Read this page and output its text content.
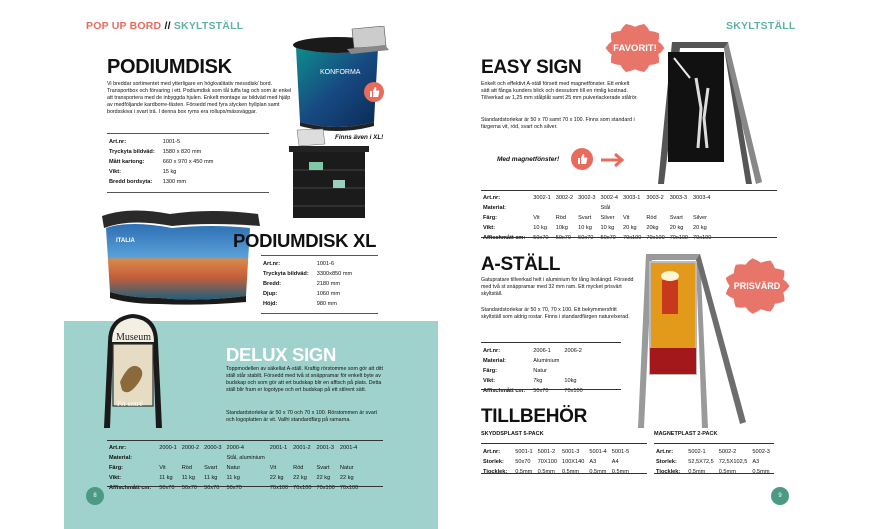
POP UP BORD // SKYLTSTÄLL
PODIUMDISK

Vi breddar sortimentet med ytterligare en högkvalitativ messdisk/ bord. Transportbox och förvaring i ett. Podiumdisk som tål tuffa tag och som är enkel att transportera med de inbyggda hjulen. Enkelt montage av bildväd med hjälp av medföljande kardborre-fästen. Försedd med fyra stycken hyllplan samt bordsskiva i svart trä. I denna box ryms era rollups/mässväggar.

Art.nr:	1001-5
Tryckyta bildväd:	1580 x 820 mm
Mått kartong:	660 x 970 x 450 mm
Vikt:	15 kg
Bredd bordsyta:	1300 mm
KONFORMA
Finns även i XL!
ITALIA	PODIUMDISK XL
Art.nr:	1001-6
Tryckyta bildväd:	3300x850 mm
Bredd:	2180 mm
Djup:	1060 mm
Höjd:	980 mm
Museum
Fri entré
DELUX SIGN

Toppmodellen av säkellat A-ställ. Kraftig rörstomme som gör att ditt ställ står stabilt. Försedd med två st snäppramar för enkelt byte av budskap och som gör att ert budskap blir en affisch på plats. Detta ställ blir fram er logotype och ert budskap på ett stilrent sätt.

Standardstorlekar är 50 x 70 och 70 x 100. Rörstommen är svart och logoplatten är vit. Valfri standardfärg på ramarna.

Art.nr:	2000-1	2000-2	2000-3	2000-4	2001-1	2001-2	2001-3	2001-4
Material:				Stål, aluminium				
Färg:	Vit	Röd	Svart	Natur	Vit	Röd	Svart	Natur
Vikt:	11 kg	11 kg	11 kg	11 kg	22 kg	22 kg	22 kg	22 kg
Affischmått cm:	50x70	50x70	50x70	50x70	70x100	70x100	70x100	70x100
8
SKYLTSTÄLL
FAVORIT!
EASY SIGN

Enkelt och effektivt A-ställ försett med magnetfönster. Ett enkelt sätt att fånga kunders blick och dessutom till en rimlig kostnad. Tillverkad av 1,25 mm stålplåt samt 25 mm pulverlackerade stålrör.

Standardstorlekar är 50 x 70 samt 70 x 100. Finns som standard i färgerna vit, röd, svart och silver.

Med magnetfönster!
Art.nr:	3002-1	3002-2	3002-3	3002-4	3003-1	3003-2	3003-3	3003-4
Material:				Stål				
Färg:	Vit	Röd	Svart	Silver	Vit	Röd	Svart	Silver
Vikt:	10 kg	10kg	10 kg	10 kg	20 kg	20kg	20 kg	20 kg
Affischmått cm:	50x70	50x70	50x70	50x70	70x100	70x100	70x100	70x100
A-STÄLL

Gatupratare tillverkad helt i aluminium för lång livslängd. Försedd med två st snäppramar med 32 mm ram. Ett mycket prisvärt skyltställ.

Standardstorlekar är 50 x 70, 70 x 100. Ett bekymmersfritt skyltställ som aldrig rostar. Finns i standardfärgen naturelxerad.

PRISVÄRD
Art.nr:	2006-1	2006-2
Material:	Aluminium	
Färg:	Natur	
Vikt:	7kg	10kg
Affischmått cm:	50x70	70x100
TILLBEHÖR
SKYDDSPLAST 5-PACK	MAGNETPLAST 2-PACK
Art.nr:	5001-1	5001-2	5001-3	5001-4	5001-5
Storlek:	50x70	70X100	100X140	A3	A4
Tjocklek:	0,5mm	0,5mm	0,5mm	0,5mm	0,5mm
Art.nr:	5002-1	5002-2	5002-3
Storlek:	52,5X72,5	72,5X102,5	A3
Tjocklek:	0,5mm	0,5mm	0,5mm
9
